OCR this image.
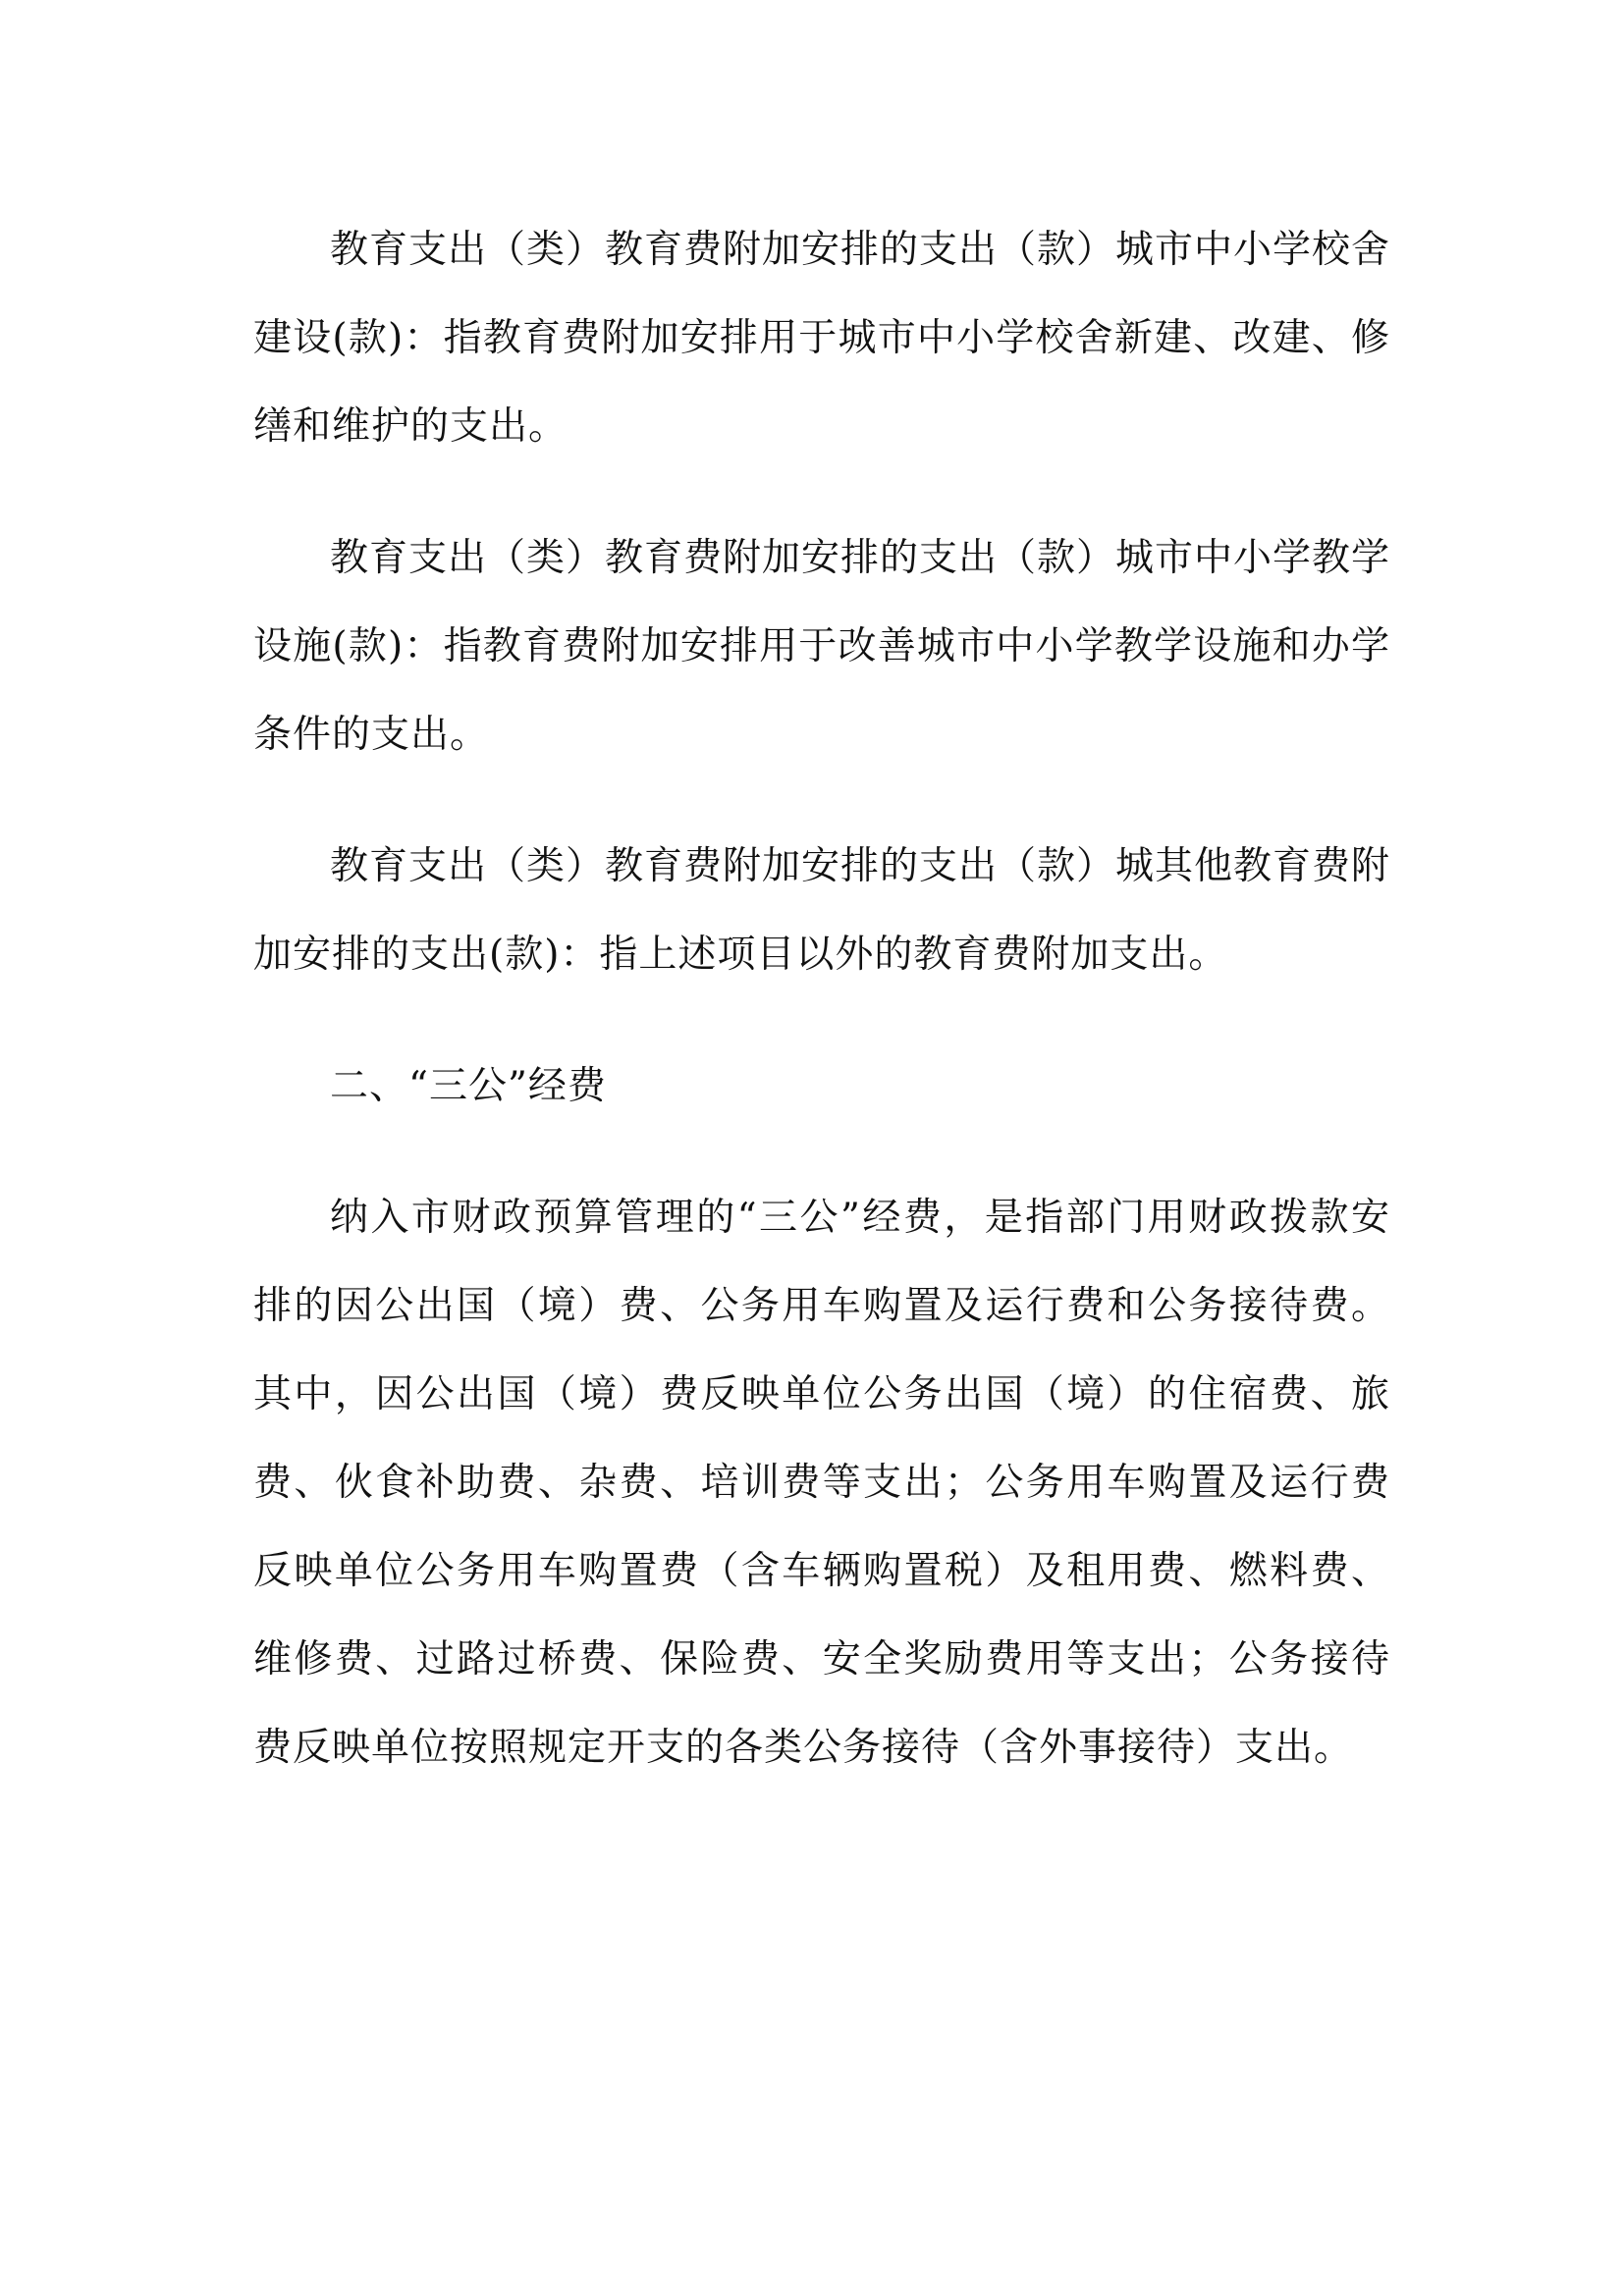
教育支出（类）教育费附加安排的支出（款）城市中小学校舍建设(款)：指教育费附加安排用于城市中小学校舍新建、改建、修缮和维护的支出。

教育支出（类）教育费附加安排的支出（款）城市中小学教学设施(款)：指教育费附加安排用于改善城市中小学教学设施和办学条件的支出。

教育支出（类）教育费附加安排的支出（款）城其他教育费附加安排的支出(款)：指上述项目以外的教育费附加支出。

二、“三公”经费

纳入市财政预算管理的“三公”经费，是指部门用财政拨款安排的因公出国（境）费、公务用车购置及运行费和公务接待费。其中，因公出国（境）费反映单位公务出国（境）的住宿费、旅费、伙食补助费、杂费、培训费等支出；公务用车购置及运行费反映单位公务用车购置费（含车辆购置税）及租用费、燃料费、维修费、过路过桥费、保险费、安全奖励费用等支出；公务接待费反映单位按照规定开支的各类公务接待（含外事接待）支出。
